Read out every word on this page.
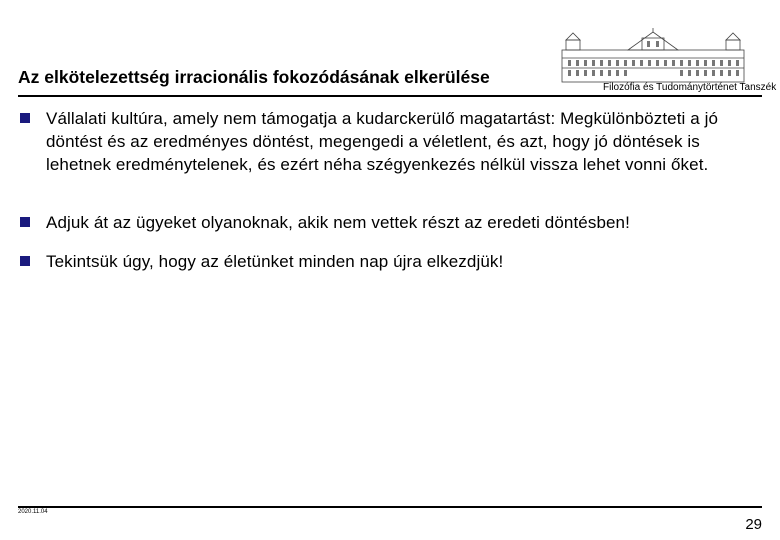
Filozófia és Tudománytörténet Tanszék
Az elkötelezettség irracionális fokozódásának elkerülése
Vállalati kultúra, amely nem támogatja a kudarckerülő magatartást: Megkülönbözteti a jó döntést és az eredményes döntést, megengedi a véletlent, és azt, hogy jó döntések is lehetnek eredménytelenek, és ezért néha szégyenkezés nélkül vissza lehet vonni őket.
Adjuk át az ügyeket olyanoknak, akik nem vettek részt az eredeti döntésben!
Tekintsük úgy, hogy az életünket minden nap újra elkezdjük!
2020.11.04
29
